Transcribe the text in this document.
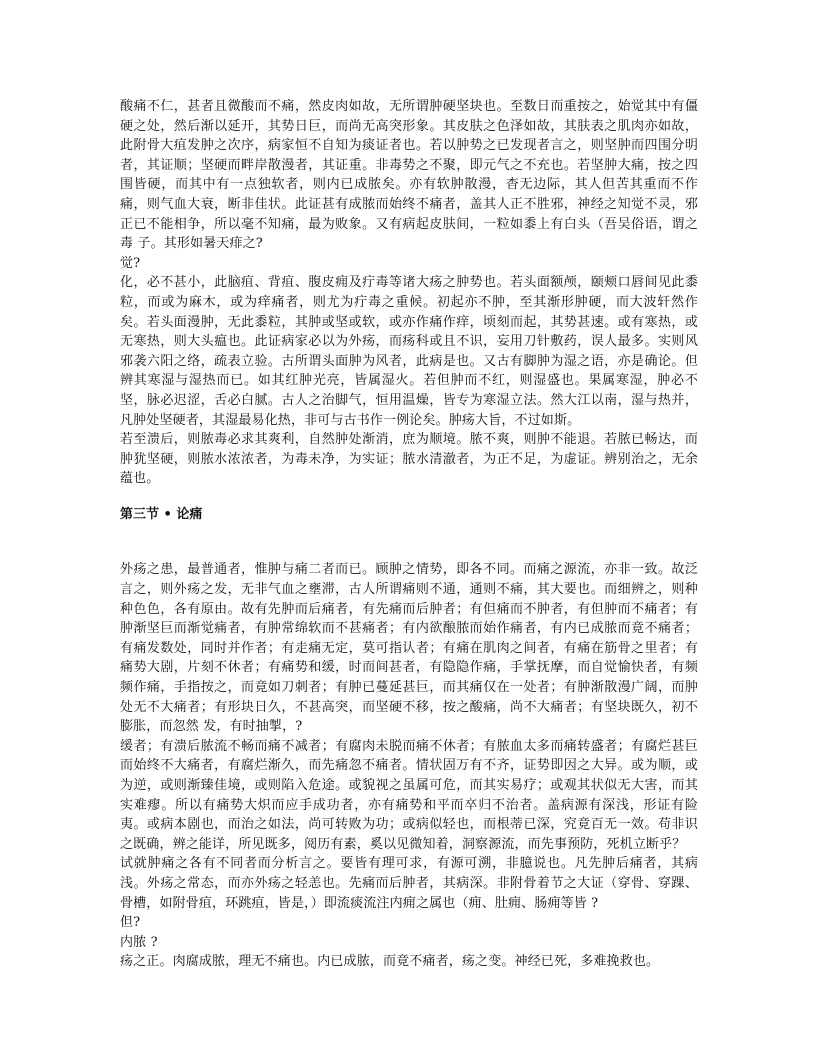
酸痛不仁，甚者且微酸而不痛，然皮肉如故，无所谓肿硬坚块也。至数日而重按之，始觉其中有僵硬之处，然后渐以延开，其势日巨，而尚无高突形象。其皮肤之色泽如故，其肤表之肌肉亦如故，此附骨大疽发肿之次序，病家恒不自知为痰证者也。若以肿势之已发现者言之，则坚肿而四围分明者，其证顺；坚硬而畔岸散漫者，其证重。非毒势之不聚，即元气之不充也。若坚肿大痛，按之四围皆硬，而其中有一点独软者，则内已成脓矣。亦有软肿散漫，杳无边际，其人但苦其重而不作痛，则气血大衰，断非佳状。此证甚有成脓而始终不痛者，盖其人正不胜邪，神经之知觉不灵，邪正已不能相争，所以毫不知痛，最为败象。又有病起皮肤间，一粒如黍上有白头（吾吴俗语，谓之毒 子。其形如暑天痱之?

觉?

化，必不甚小，此脑疽、背疽、腹皮痈及疔毒等诸大疡之肿势也。若头面额颅，颐颊口唇间见此黍粒，而或为麻木，或为痒痛者，则尤为疔毒之重候。初起亦不肿，至其渐形肿硬，而大波轩然作矣。若头面漫肿，无此黍粒，其肿或坚或软，或亦作痛作痒，顷刻而起，其势甚速。或有寒热，或无寒热，则大头瘟也。此证病家必以为外疡，而疡科或且不识，妄用刀针敷药，误人最多。实则风邪袭六阳之络，疏表立验。古所谓头面肿为风者，此病是也。又古有脚肿为湿之语，亦是确论。但辨其寒湿与湿热而已。如其红肿光亮，皆属湿火。若但肿而不红，则湿盛也。果属寒湿，肿必不坚，脉必迟涩，舌必白腻。古人之治脚气，恒用温燥，皆专为寒湿立法。然大江以南，湿与热并，凡肿处坚硬者，其湿最易化热，非可与古书作一例论矣。肿疡大旨，不过如斯。

若至溃后，则脓毒必求其爽利，自然肿处渐消，庶为顺境。脓不爽，则肿不能退。若脓已畅达，而肿犹坚硬，则脓水浓浓者，为毒未净，为实证；脓水清澈者，为正不足，为虚证。辨别治之，无余蕴也。

第三节 • 论痛

外疡之患，最普通者，惟肿与痛二者而已。顾肿之情势，即各不同。而痛之源流，亦非一致。故泛言之，则外疡之发，无非气血之壅滞，古人所谓痛则不通，通则不痛，其大要也。而细辨之，则种种色色，各有原由。故有先肿而后痛者，有先痛而后肿者；有但痛而不肿者，有但肿而不痛者；有肿渐坚巨而渐觉痛者，有肿常绵软而不甚痛者；有内欲酿脓而始作痛者，有内已成脓而竟不痛者；有痛发数处，同时并作者；有走痛无定，莫可指认者；有痛在肌肉之间者，有痛在筋骨之里者；有痛势大剧，片刻不休者；有痛势和缓，时而间甚者，有隐隐作痛，手掌抚摩，而自觉愉快者，有频频作痛，手指按之，而竟如刀刺者；有肿已蔓延甚巨，而其痛仅在一处者；有肿渐散漫广阔，而肿处无不大痛者；有形块日久，不甚高突，而坚硬不移，按之酸痛，尚不大痛者；有坚块既久，初不膨胀，而忽然 发，有时抽掣，?

缓者；有溃后脓流不畅而痛不减者；有腐肉未脱而痛不休者；有脓血太多而痛转盛者；有腐烂甚巨而始终不大痛者，有腐烂渐久，而先痛忽不痛者。情状固万有不齐，证势即因之大异。或为顺，或为逆，或则渐臻佳境，或则陷入危途。或貌视之虽属可危，而其实易疗；或观其状似无大害，而其实难瘳。所以有痛势大炽而应手成功者，亦有痛势和平而卒归不治者。盖病源有深浅，形证有险夷。或病本剧也，而治之如法，尚可转败为功；或病似轻也，而根蒂已深，究竟百无一效。苟非识之既确，辨之能详，所见既多，阅历有素，奚以见微知着，洞察源流，而先事预防，死机立断乎？

试就肿痛之各有不同者而分析言之。要皆有理可求，有源可溯，非臆说也。凡先肿后痛者，其病浅。外疡之常态，而亦外疡之轻恙也。先痛而后肿者，其病深。非附骨着节之大证（穿骨、穿踝、骨槽，如附骨疽，环跳疽，皆是，）即流痰流注内痈之属也（痈、肚痈、肠痈等皆 ?

但?

内脓 ?

疡之正。肉腐成脓，理无不痛也。内已成脓，而竟不痛者，疡之变。神经已死，多难挽救也。
